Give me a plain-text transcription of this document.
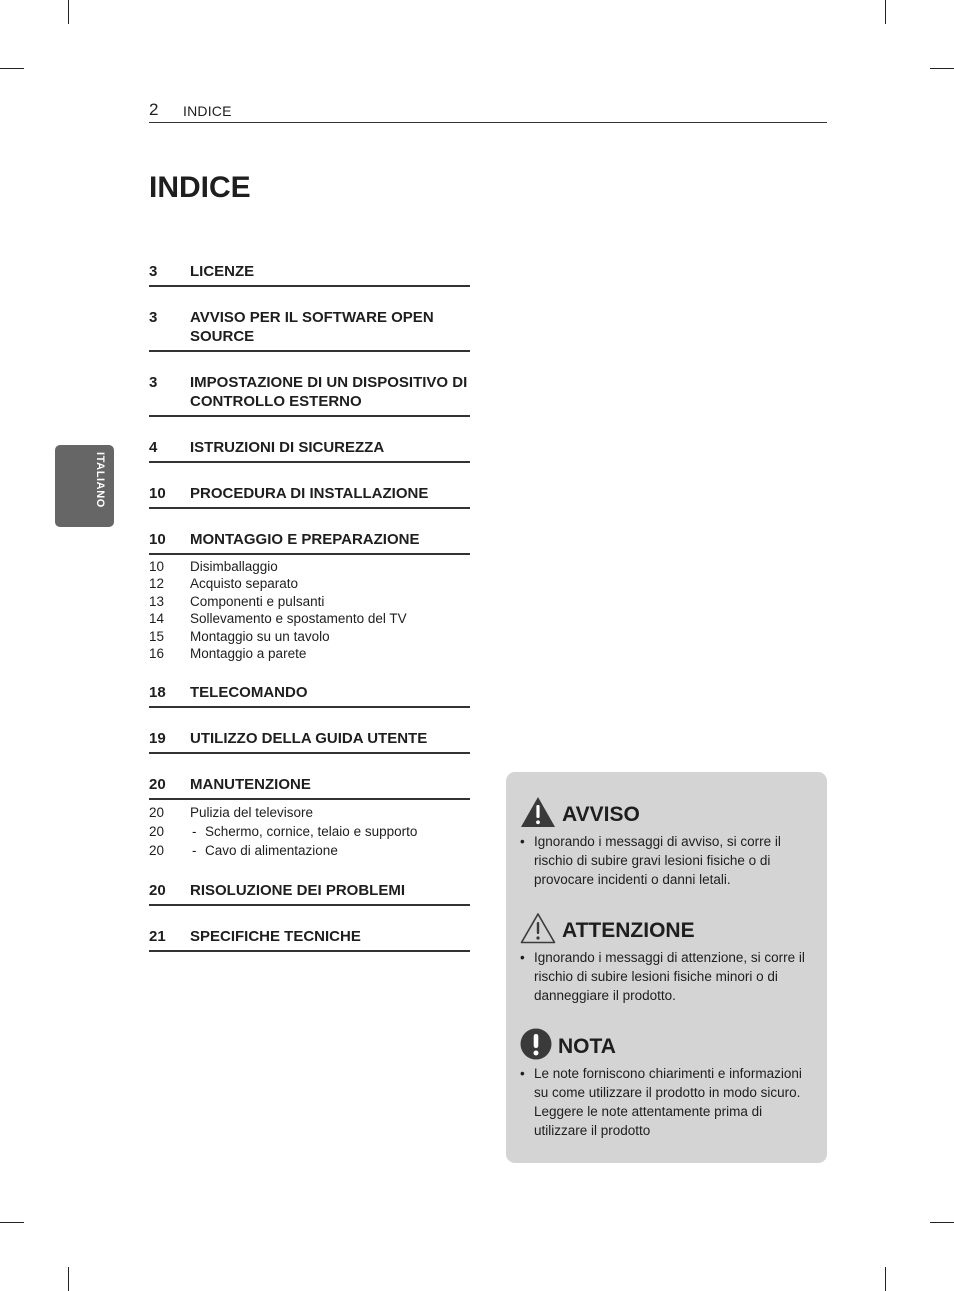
2 INDICE
INDICE
ITALIANO
3	LICENZE
3	AVVISO PER IL SOFTWARE OPEN SOURCE
3	IMPOSTAZIONE DI UN DISPOSITIVO DI CONTROLLO ESTERNO
4	ISTRUZIONI DI SICUREZZA
10	PROCEDURA DI INSTALLAZIONE
10	MONTAGGIO E PREPARAZIONE
10	Disimballaggio
12	Acquisto separato
13	Componenti e pulsanti
14	Sollevamento e spostamento del TV
15	Montaggio su un tavolo
16	Montaggio a parete
18	TELECOMANDO
19	UTILIZZO DELLA GUIDA UTENTE
20	MANUTENZIONE
20	Pulizia del televisore
20	- Schermo, cornice, telaio e supporto
20	- Cavo di alimentazione
20	RISOLUZIONE DEI PROBLEMI
21	SPECIFICHE TECNICHE
AVVISO
• Ignorando i messaggi di avviso, si corre il rischio di subire gravi lesioni fisiche o di provocare incidenti o danni letali.
ATTENZIONE
• Ignorando i messaggi di attenzione, si corre il rischio di subire lesioni fisiche minori o di danneggiare il prodotto.
NOTA
• Le note forniscono chiarimenti e informazioni su come utilizzare il prodotto in modo sicuro. Leggere le note attentamente prima di utilizzare il prodotto
